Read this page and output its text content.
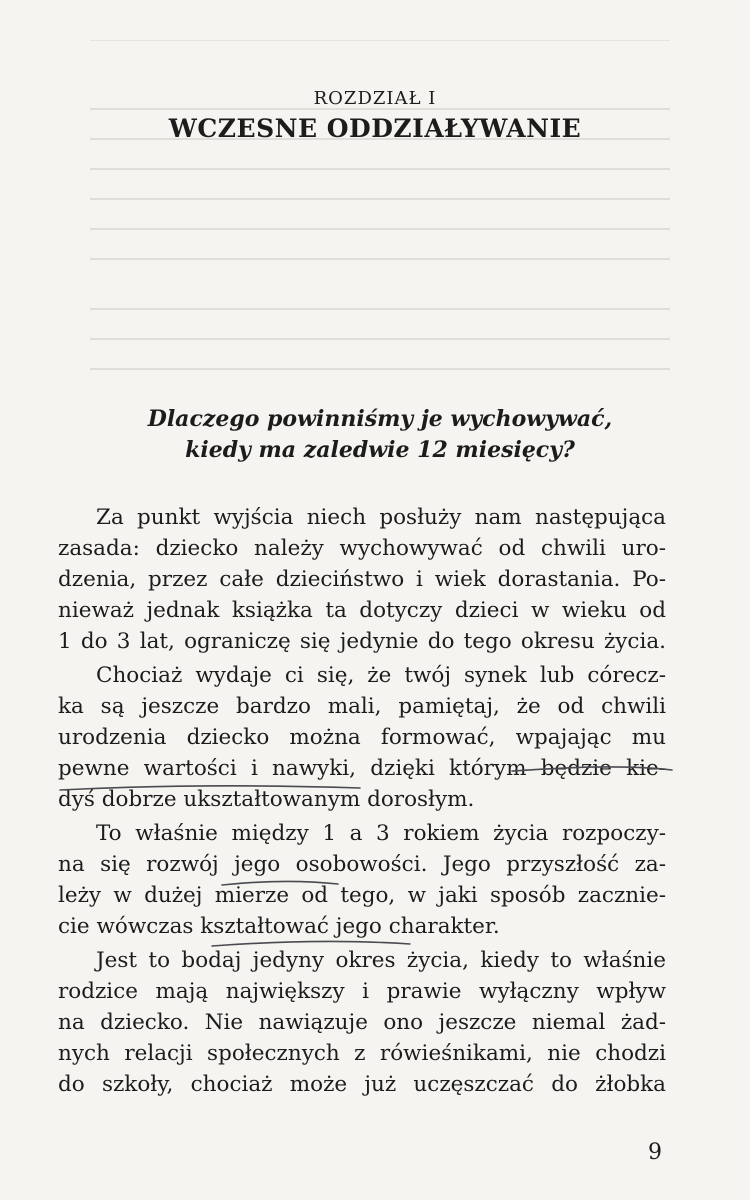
ROZDZIAŁ I
WCZESNE ODDZIAŁYWANIE
Dlaczego powinniśmy je wychowywać,
kiedy ma zaledwie 12 miesięcy?
Za punkt wyjścia niech posłuży nam następująca
zasada: dziecko należy wychowywać od chwili uro-
dzenia, przez całe dzieciństwo i wiek dorastania. Po-
nieważ jednak książka ta dotyczy dzieci w wieku od
1 do 3 lat, ograniczę się jedynie do tego okresu życia.
Chociaż wydaje ci się, że twój synek lub córecz-
ka są jeszcze bardzo mali, pamiętaj, że od chwili
urodzenia dziecko można formować, wpajając mu
pewne wartości i nawyki, dzięki którym będzie kie-
dyś dobrze ukształtowanym dorosłym.
To właśnie między 1 a 3 rokiem życia rozpoczy-
na się rozwój jego osobowości. Jego przyszłość za-
leży w dużej mierze od tego, w jaki sposób zacznie-
cie wówczas kształtować jego charakter.
Jest to bodaj jedyny okres życia, kiedy to właśnie
rodzice mają największy i prawie wyłączny wpływ
na dziecko. Nie nawiązuje ono jeszcze niemal żad-
nych relacji społecznych z rówieśnikami, nie chodzi
do szkoły, chociaż może już uczęszczać do żłobka
9
